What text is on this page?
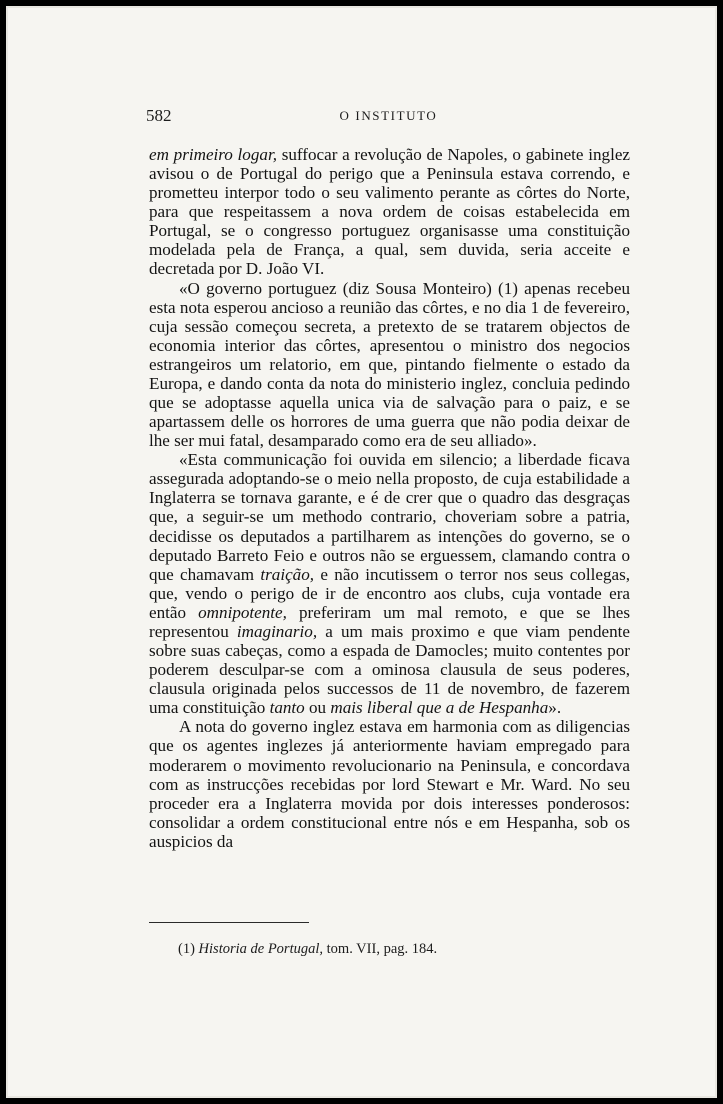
582	O INSTITUTO

em primeiro logar, suffocar a revolução de Napoles, o gabinete inglez avisou o de Portugal do perigo que a Peninsula estava correndo, e prometteu interpor todo o seu valimento perante as côrtes do Norte, para que respeitassem a nova ordem de coisas estabelecida em Portugal, se o congresso portuguez organisasse uma constituição modelada pela de França, a qual, sem duvida, seria acceite e decretada por D. João VI.

«O governo portuguez (diz Sousa Monteiro) (1) apenas recebeu esta nota esperou ancioso a reunião das côrtes, e no dia 1 de fevereiro, cuja sessão começou secreta, a pretexto de se tratarem objectos de economia interior das côrtes, apresentou o ministro dos negocios estrangeiros um relatorio, em que, pintando fielmente o estado da Europa, e dando conta da nota do ministerio inglez, concluia pedindo que se adoptasse aquella unica via de salvação para o paiz, e se apartassem delle os horrores de uma guerra que não podia deixar de lhe ser mui fatal, desamparado como era de seu alliado».

«Esta communicação foi ouvida em silencio; a liberdade ficava assegurada adoptando-se o meio nella proposto, de cuja estabilidade a Inglaterra se tornava garante, e é de crer que o quadro das desgraças que, a seguir-se um methodo contrario, choveriam sobre a patria, decidisse os deputados a partilharem as intenções do governo, se o deputado Barreto Feio e outros não se erguessem, clamando contra o que chamavam traição, e não incutissem o terror nos seus collegas, que, vendo o perigo de ir de encontro aos clubs, cuja vontade era então omnipotente, preferiram um mal remoto, e que se lhes representou imaginario, a um mais proximo e que viam pendente sobre suas cabeças, como a espada de Damocles; muito contentes por poderem desculpar-se com a ominosa clausula de seus poderes, clausula originada pelos successos de 11 de novembro, de fazerem uma constituição tanto ou mais liberal que a de Hespanha».

A nota do governo inglez estava em harmonia com as diligencias que os agentes inglezes já anteriormente haviam empregado para moderarem o movimento revolucionario na Peninsula, e concordava com as instrucções recebidas por lord Stewart e Mr. Ward. No seu proceder era a Inglaterra movida por dois interesses ponderosos: consolidar a ordem constitucional entre nós e em Hespanha, sob os auspicios da

(1) Historia de Portugal, tom. VII, pag. 184.
